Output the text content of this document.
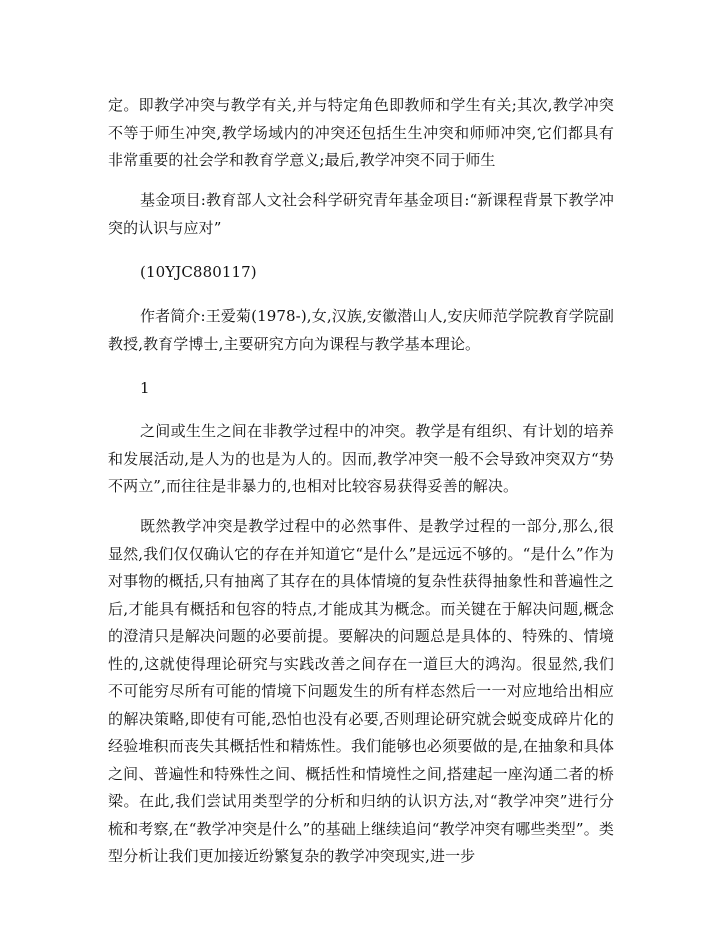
定。即教学冲突与教学有关,并与特定角色即教师和学生有关;其次,教学冲突不等于师生冲突,教学场域内的冲突还包括生生冲突和师师冲突,它们都具有非常重要的社会学和教育学意义;最后,教学冲突不同于师生

基金项目:教育部人文社会科学研究青年基金项目:“新课程背景下教学冲突的认识与应对”

(10YJC880117)

作者简介:王爱菊(1978-),女,汉族,安徽潜山人,安庆师范学院教育学院副教授,教育学博士,主要研究方向为课程与教学基本理论。

1

之间或生生之间在非教学过程中的冲突。教学是有组织、有计划的培养和发展活动,是人为的也是为人的。因而,教学冲突一般不会导致冲突双方“势不两立”,而往往是非暴力的,也相对比较容易获得妥善的解决。

既然教学冲突是教学过程中的必然事件、是教学过程的一部分,那么,很显然,我们仅仅确认它的存在并知道它“是什么”是远远不够的。“是什么”作为对事物的概括,只有抽离了其存在的具体情境的复杂性获得抽象性和普遍性之后,才能具有概括和包容的特点,才能成其为概念。而关键在于解决问题,概念的澄清只是解决问题的必要前提。要解决的问题总是具体的、特殊的、情境性的,这就使得理论研究与实践改善之间存在一道巨大的鸿沟。很显然,我们不可能穷尽所有可能的情境下问题发生的所有样态然后一一对应地给出相应的解决策略,即使有可能,恐怕也没有必要,否则理论研究就会蜕变成碎片化的经验堆积而丧失其概括性和精炼性。我们能够也必须要做的是,在抽象和具体之间、普遍性和特殊性之间、概括性和情境性之间,搭建起一座沟通二者的桥梁。在此,我们尝试用类型学的分析和归纳的认识方法,对“教学冲突”进行分梳和考察,在“教学冲突是什么”的基础上继续追问“教学冲突有哪些类型”。类型分析让我们更加接近纷繁复杂的教学冲突现实,进一步
